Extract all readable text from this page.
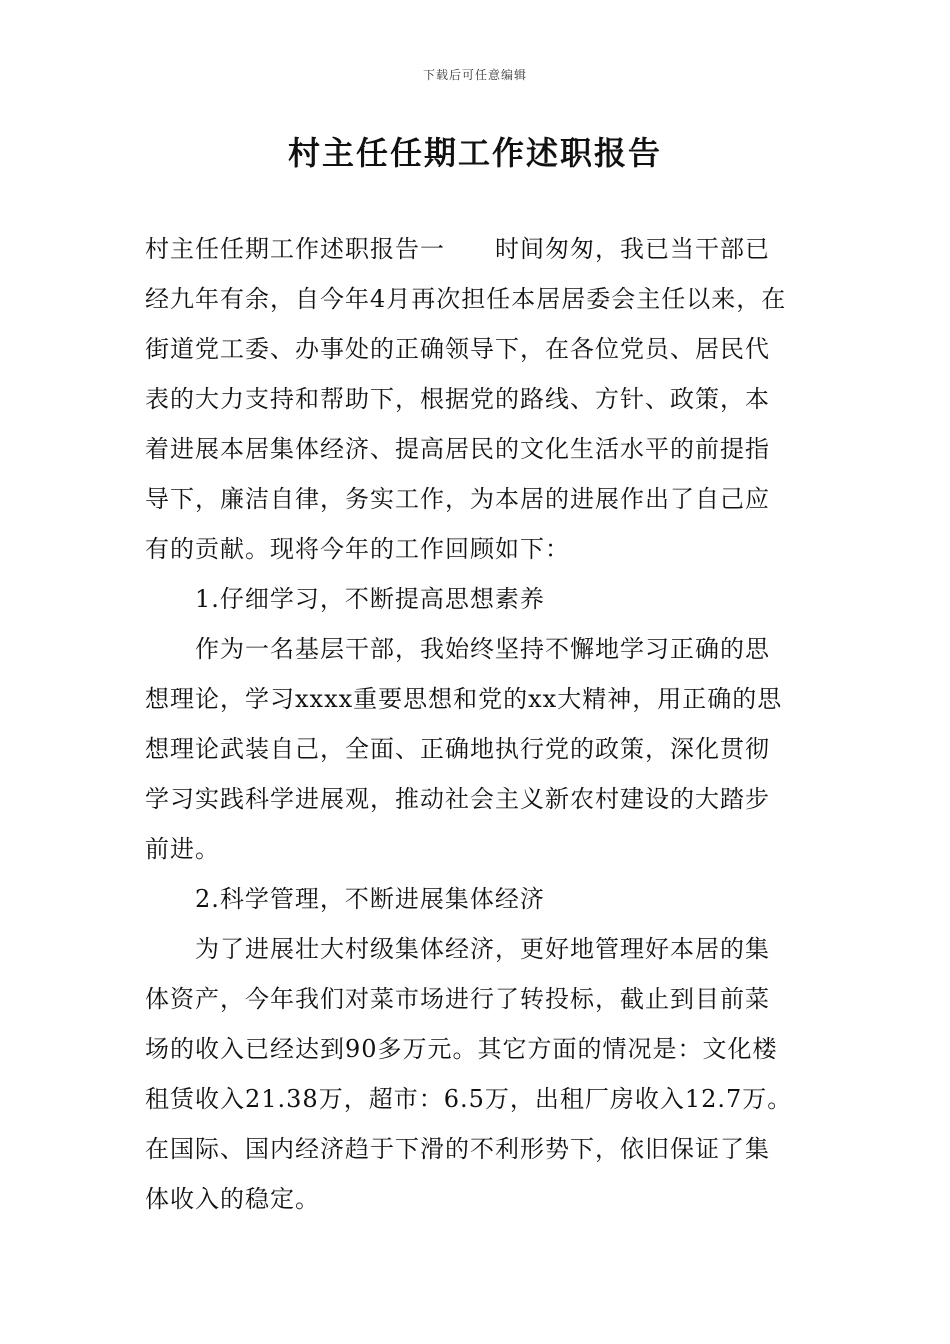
下载后可任意编辑
村主任任期工作述职报告
村主任任期工作述职报告一　　时间匆匆，我已当干部已
经九年有余，自今年4月再次担任本居居委会主任以来，在
街道党工委、办事处的正确领导下，在各位党员、居民代
表的大力支持和帮助下，根据党的路线、方针、政策，本
着进展本居集体经济、提高居民的文化生活水平的前提指
导下，廉洁自律，务实工作，为本居的进展作出了自己应
有的贡献。现将今年的工作回顾如下：
1.仔细学习，不断提高思想素养
作为一名基层干部，我始终坚持不懈地学习正确的思
想理论，学习xxxx重要思想和党的xx大精神，用正确的思
想理论武装自己，全面、正确地执行党的政策，深化贯彻
学习实践科学进展观，推动社会主义新农村建设的大踏步
前进。
2.科学管理，不断进展集体经济
为了进展壮大村级集体经济，更好地管理好本居的集
体资产，今年我们对菜市场进行了转投标，截止到目前菜
场的收入已经达到90多万元。其它方面的情况是：文化楼
租赁收入21.38万，超市：6.5万，出租厂房收入12.7万。
在国际、国内经济趋于下滑的不利形势下，依旧保证了集
体收入的稳定。
